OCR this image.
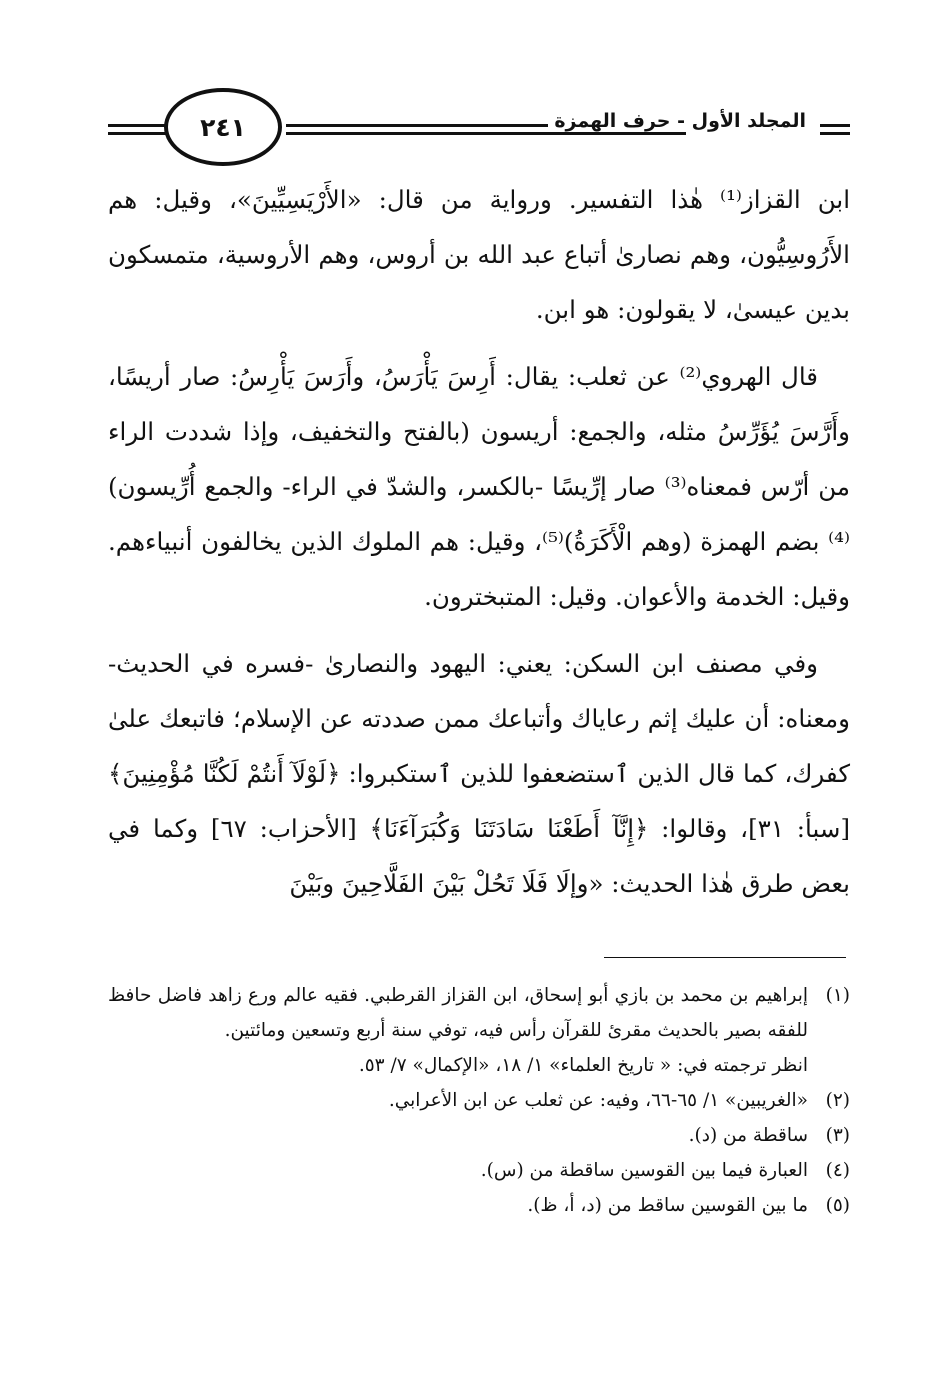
٢٤١	المجلد الأول - حرف الهمزة

ابن القزاز⁽¹⁾ هٰذا التفسير. ورواية من قال: «الأَرْيَسِيِّينَ»، وقيل: هم الأَرُوسِيُّون، وهم نصارىٰ أتباع عبد الله بن أروس، وهم الأروسية، متمسكون بدين عيسىٰ، لا يقولون: هو ابن.

قال الهروي⁽²⁾ عن ثعلب: يقال: أَرِسَ يَأْرَسُ، وأَرَسَ يَأْرِسُ: صار أريسًا، وأَرَّسَ يُؤَرِّسُ مثله، والجمع: أريسون (بالفتح والتخفيف، وإذا شددت الراء من أرّس فمعناه⁽³⁾ صار إرِّيسًا -بالكسر، والشدّ في الراء- والجمع أُرِّيسون)⁽⁴⁾ بضم الهمزة (وهم الْأَكَرَةُ)⁽⁵⁾، وقيل: هم الملوك الذين يخالفون أنبياءهم. وقيل: الخدمة والأعوان. وقيل: المتبخترون.

وفي مصنف ابن السكن: يعني: اليهود والنصارىٰ -فسره في الحديث- ومعناه: أن عليك إثم رعاياك وأتباعك ممن صددته عن الإسلام؛ فاتبعك علىٰ كفرك، كما قال الذين ٱستضعفوا للذين ٱستكبروا: ﴿لَوْلَآ أَنتُمْ لَكُنَّا مُؤْمِنِينَ﴾ [سبأ: ٣١]، وقالوا: ﴿إِنَّآ أَطَعْنَا سَادَتَنَا وَكُبَرَآءَنَا﴾ [الأحزاب: ٦٧] وكما في بعض طرق هٰذا الحديث: «وإلَا فَلَا تَحُلْ بَيْنَ الفَلَّاحِينَ وبَيْنَ

(١)
إبراهيم بن محمد بن بازي أبو إسحاق، ابن القزاز القرطبي. فقيه عالم ورع زاهد فاضل حافظ للفقه بصير بالحديث مقرئ للقرآن رأس فيه، توفي سنة أربع وتسعين ومائتين.
انظر ترجمته في: « تاريخ العلماء» ١/ ١٨، «الإكمال» ٧/ ٥٣.
(٢)
«الغريبين» ١/ ٦٥-٦٦، وفيه: عن ثعلب عن ابن الأعرابي.
(٣)
ساقطة من (د).
(٤)
العبارة فيما بين القوسين ساقطة من (س).
(٥)
ما بين القوسين ساقط من (د، أ، ظ).
